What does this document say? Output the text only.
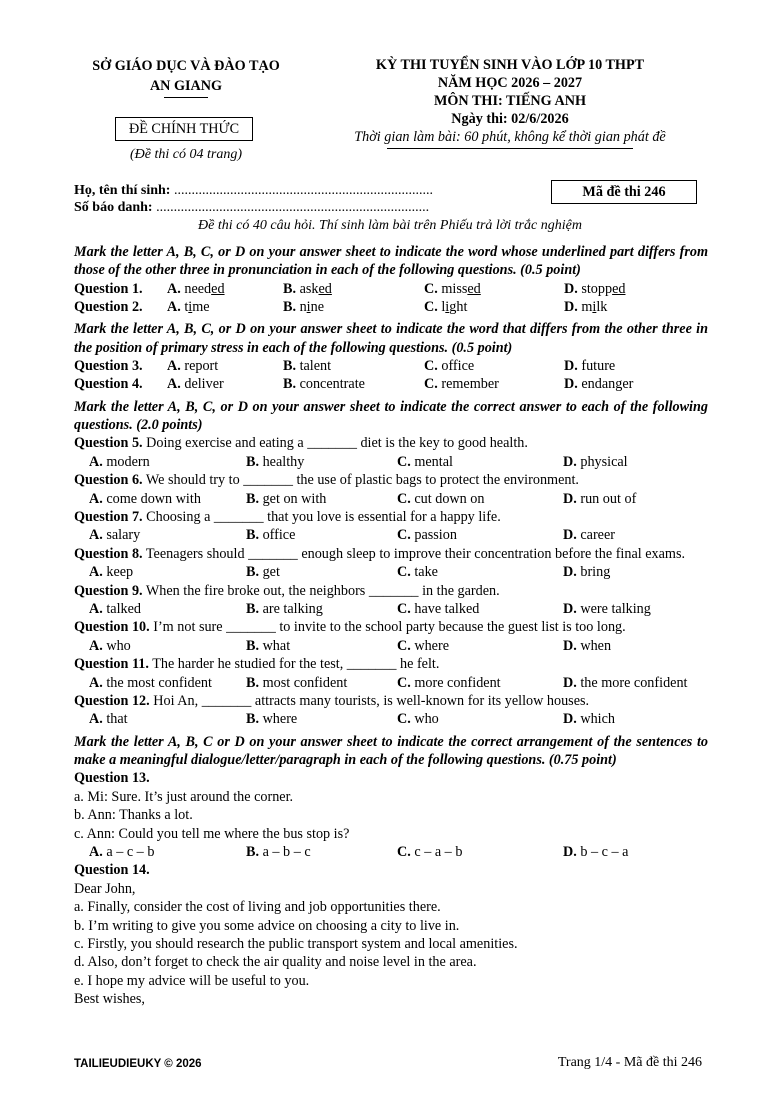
SỞ GIÁO DỤC VÀ ĐÀO TẠO
AN GIANG
ĐỀ CHÍNH THỨC
(Đề thi có 04 trang)
KỲ THI TUYỂN SINH VÀO LỚP 10 THPT
NĂM HỌC 2026 – 2027
MÔN THI: TIẾNG ANH
Ngày thi: 02/6/2026
Thời gian làm bài: 60 phút, không kể thời gian phát đề
Họ, tên thí sinh: ..........................................................................
Số báo danh: ..............................................................................
Mã đề thi 246
Đề thi có 40 câu hỏi. Thí sinh làm bài trên Phiếu trả lời trắc nghiệm
Mark the letter A, B, C, or D on your answer sheet to indicate the word whose underlined part differs from those of the other three in pronunciation in each of the following questions. (0.5 point)
Question 1. A. needed	B. asked	C. missed	D. stopped
Question 2. A. time	B. nine	C. light	D. milk
Mark the letter A, B, C, or D on your answer sheet to indicate the word that differs from the other three in the position of primary stress in each of the following questions. (0.5 point)
Question 3. A. report	B. talent	C. office	D. future
Question 4. A. deliver	B. concentrate	C. remember	D. endanger
Mark the letter A, B, C, or D on your answer sheet to indicate the correct answer to each of the following questions. (2.0 points)
Question 5. Doing exercise and eating a _______ diet is the key to good health.
A. modern	B. healthy	C. mental	D. physical
Question 6. We should try to _______ the use of plastic bags to protect the environment.
A. come down with	B. get on with	C. cut down on	D. run out of
Question 7. Choosing a _______ that you love is essential for a happy life.
A. salary	B. office	C. passion	D. career
Question 8. Teenagers should _______ enough sleep to improve their concentration before the final exams.
A. keep	B. get	C. take	D. bring
Question 9. When the fire broke out, the neighbors _______ in the garden.
A. talked	B. are talking	C. have talked	D. were talking
Question 10. I’m not sure _______ to invite to the school party because the guest list is too long.
A. who	B. what	C. where	D. when
Question 11. The harder he studied for the test, _______ he felt.
A. the most confident B. most confident	C. more confident	D. the more confident
Question 12. Hoi An, _______ attracts many tourists, is well-known for its yellow houses.
A. that	B. where	C. who	D. which
Mark the letter A, B, C or D on your answer sheet to indicate the correct arrangement of the sentences to make a meaningful dialogue/letter/paragraph in each of the following questions. (0.75 point)
Question 13.
a. Mi: Sure. It’s just around the corner.
b. Ann: Thanks a lot.
c. Ann: Could you tell me where the bus stop is?
A. a – c – b	B. a – b – c	C. c – a – b	D. b – c – a
Question 14.
Dear John,
a. Finally, consider the cost of living and job opportunities there.
b. I’m writing to give you some advice on choosing a city to live in.
c. Firstly, you should research the public transport system and local amenities.
d. Also, don’t forget to check the air quality and noise level in the area.
e. I hope my advice will be useful to you.
Best wishes,
TAILIEUDIEUKY © 2026	Trang 1/4 - Mã đề thi 246
